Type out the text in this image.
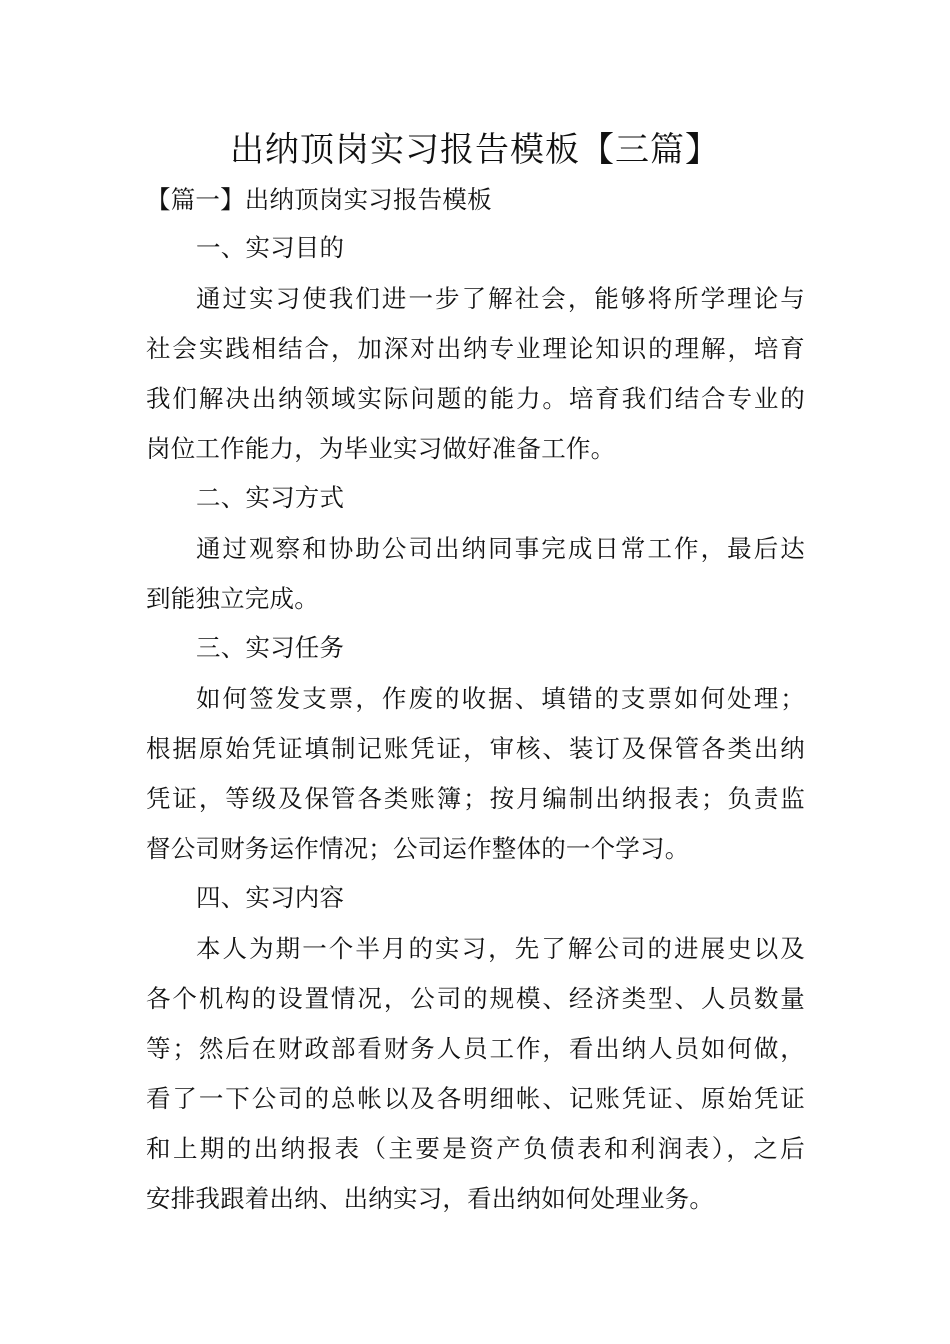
出纳顶岗实习报告模板【三篇】
【篇一】出纳顶岗实习报告模板
一、实习目的
通过实习使我们进一步了解社会，能够将所学理论与
社会实践相结合，加深对出纳专业理论知识的理解，培育
我们解决出纳领域实际问题的能力。培育我们结合专业的
岗位工作能力，为毕业实习做好准备工作。
二、实习方式
通过观察和协助公司出纳同事完成日常工作，最后达
到能独立完成。
三、实习任务
如何签发支票，作废的收据、填错的支票如何处理；
根据原始凭证填制记账凭证，审核、装订及保管各类出纳
凭证，等级及保管各类账簿；按月编制出纳报表；负责监
督公司财务运作情况；公司运作整体的一个学习。
四、实习内容
本人为期一个半月的实习，先了解公司的进展史以及
各个机构的设置情况，公司的规模、经济类型、人员数量
等；然后在财政部看财务人员工作，看出纳人员如何做，
看了一下公司的总帐以及各明细帐、记账凭证、原始凭证
和上期的出纳报表（主要是资产负债表和利润表），之后
安排我跟着出纳、出纳实习，看出纳如何处理业务。
